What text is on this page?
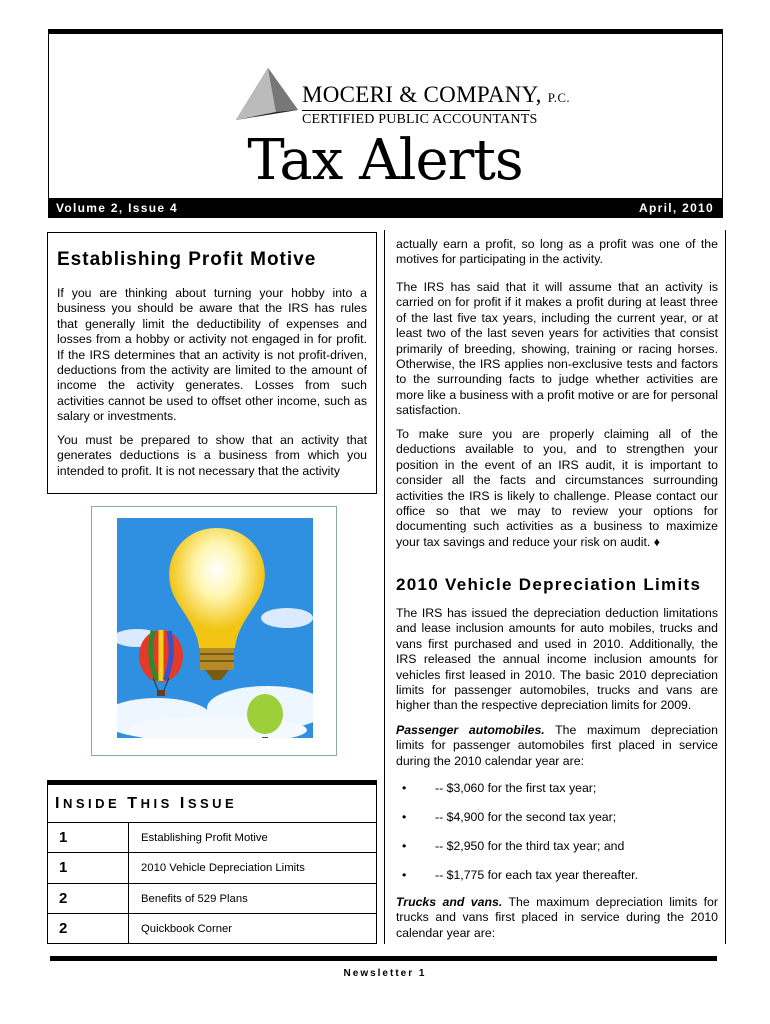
MOCERI & COMPANY, P.C.
CERTIFIED PUBLIC ACCOUNTANTS
Tax Alerts
Volume 2, Issue 4	April, 2010
Establishing Profit Motive

If you are thinking about turning your hobby into a business you should be aware that the IRS has rules that generally limit the deductibility of expenses and losses from a hobby or activity not engaged in for profit. If the IRS determines that an activity is not profit-driven, deductions from the activity are limited to the amount of income the activity generates. Losses from such activities cannot be used to offset other income, such as salary or investments.

You must be prepared to show that an activity that generates deductions is a business from which you intended to profit. It is not necessary that the activity

INSIDE THIS ISSUE
1	Establishing Profit Motive
1	2010 Vehicle Depreciation Limits
2	Benefits of 529 Plans
2	Quickbook Corner

actually earn a profit, so long as a profit was one of the motives for participating in the activity.

The IRS has said that it will assume that an activity is carried on for profit if it makes a profit during at least three of the last five tax years, including the current year, or at least two of the last seven years for activities that consist primarily of breeding, showing, training or racing horses. Otherwise, the IRS applies non-exclusive tests and factors to the surrounding facts to judge whether activities are more like a business with a profit motive or are for personal satisfaction.

To make sure you are properly claiming all of the deductions available to you, and to strengthen your position in the event of an IRS audit, it is important to consider all the facts and circumstances surrounding activities the IRS is likely to challenge. Please contact our office so that we may to review your options for documenting such activities as a business to maximize your tax savings and reduce your risk on audit. ♦

2010 Vehicle Depreciation Limits

The IRS has issued the depreciation deduction limitations and lease inclusion amounts for auto mobiles, trucks and vans first purchased and used in 2010. Additionally, the IRS released the annual income inclusion amounts for vehicles first leased in 2010. The basic 2010 depreciation limits for passenger automobiles, trucks and vans are higher than the respective depreciation limits for 2009.

Passenger automobiles. The maximum depreciation limits for passenger automobiles first placed in service during the 2010 calendar year are:

• -- $3,060 for the first tax year;
• -- $4,900 for the second tax year;
• -- $2,950 for the third tax year; and
• -- $1,775 for each tax year thereafter.

Trucks and vans. The maximum depreciation limits for trucks and vans first placed in service during the 2010 calendar year are:

Newsletter 1
